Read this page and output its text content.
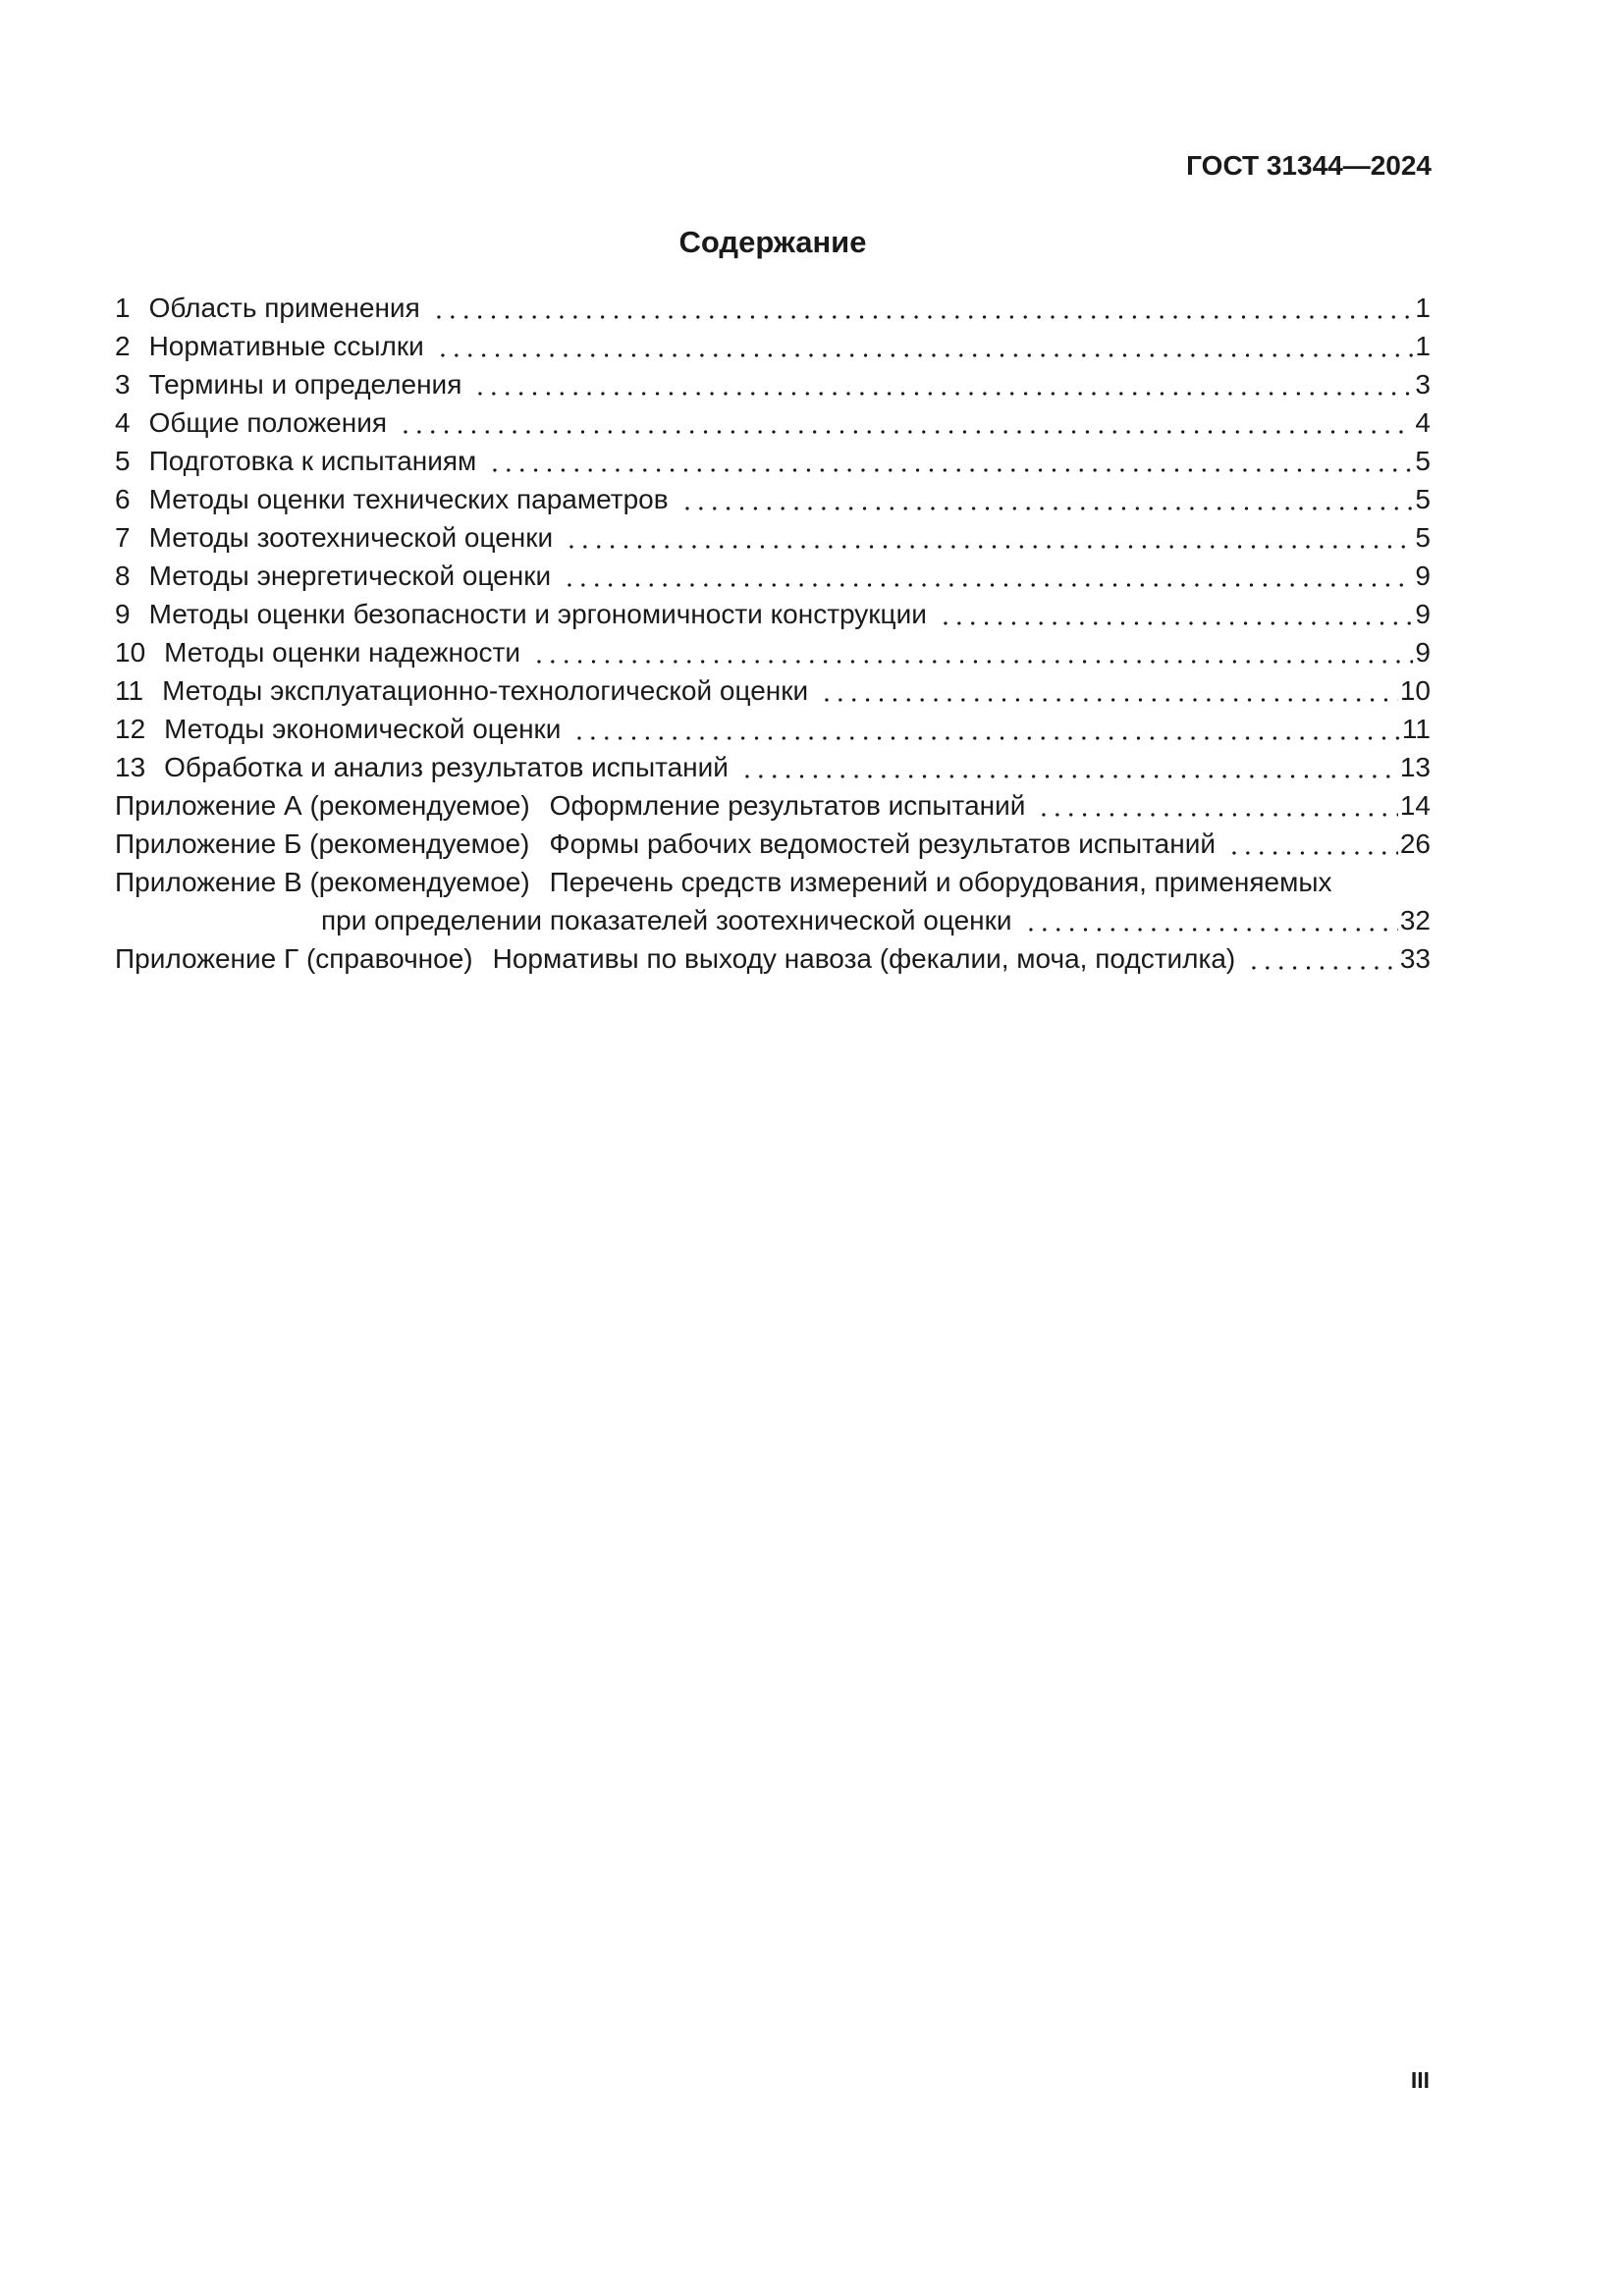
ГОСТ 31344—2024
Содержание
1 Область применения	1
2 Нормативные ссылки	1
3 Термины и определения	3
4 Общие положения	4
5 Подготовка к испытаниям	5
6 Методы оценки технических параметров	5
7 Методы зоотехнической оценки	5
8 Методы энергетической оценки	9
9 Методы оценки безопасности и эргономичности конструкции	9
10 Методы оценки надежности	9
11 Методы эксплуатационно-технологической оценки	10
12 Методы экономической оценки	11
13 Обработка и анализ результатов испытаний	13
Приложение А (рекомендуемое) Оформление результатов испытаний	14
Приложение Б (рекомендуемое) Формы рабочих ведомостей результатов испытаний	26
Приложение В (рекомендуемое) Перечень средств измерений и оборудования, применяемых
при определении показателей зоотехнической оценки	32
Приложение Г (справочное) Нормативы по выходу навоза (фекалии, моча, подстилка)	33
III
